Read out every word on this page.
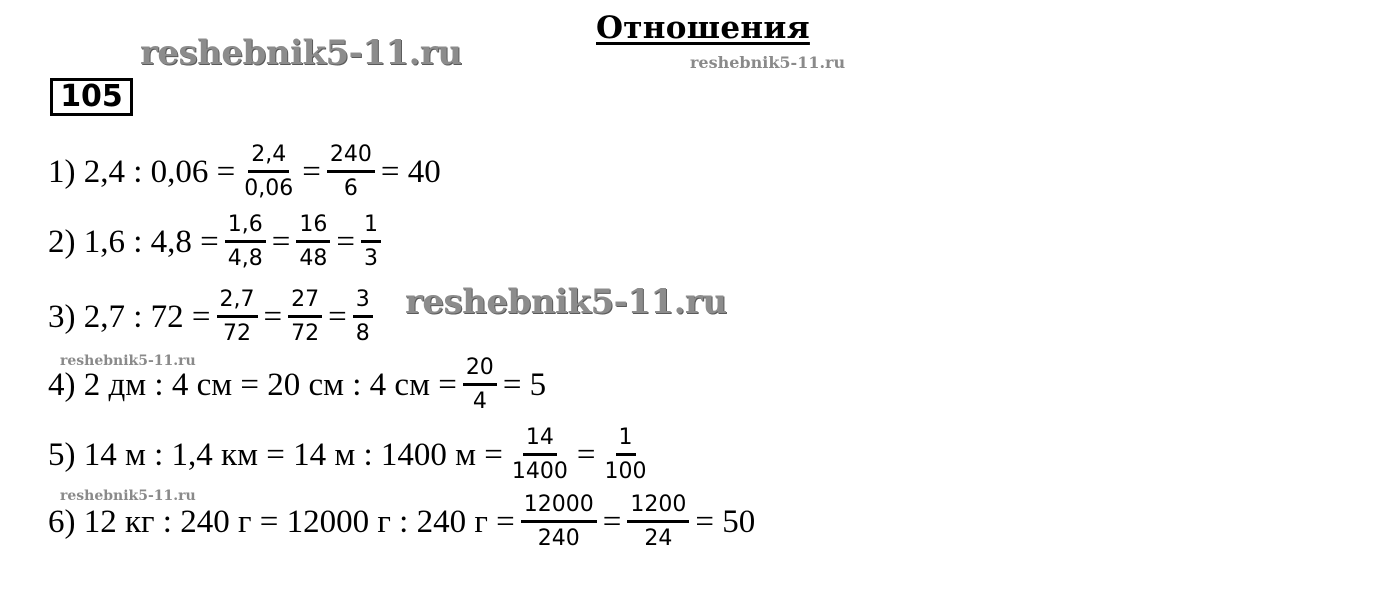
Отношения
reshebnik5-11.ru	reshebnik5-11.ru
105
1) 2,4 : $0,06 = \frac{2,4}{0,06} = \frac{240}{6} = 40$
2) 1,6 : $4,8 = \frac{1,6}{4,8} = \frac{16}{48} = \frac{1}{3}$
3) 2,7 : $72 = \frac{2,7}{72} = \frac{27}{72} = \frac{3}{8}$
4) 2 дм : 4 см = 20 см : 4 см = $\frac{20}{4} = 5$
5) 14 м : 1,4 км = 14 м : 1400 $м = \frac{14}{1400} = \frac{1}{100}$
6) 12 кг : 240 г = 12000 г : 240 $г = \frac{12000}{240} = \frac{1200}{24} = 50$
reshebnik5-11.ru
reshebnik5-11.ru
reshebnik5-11.ru
